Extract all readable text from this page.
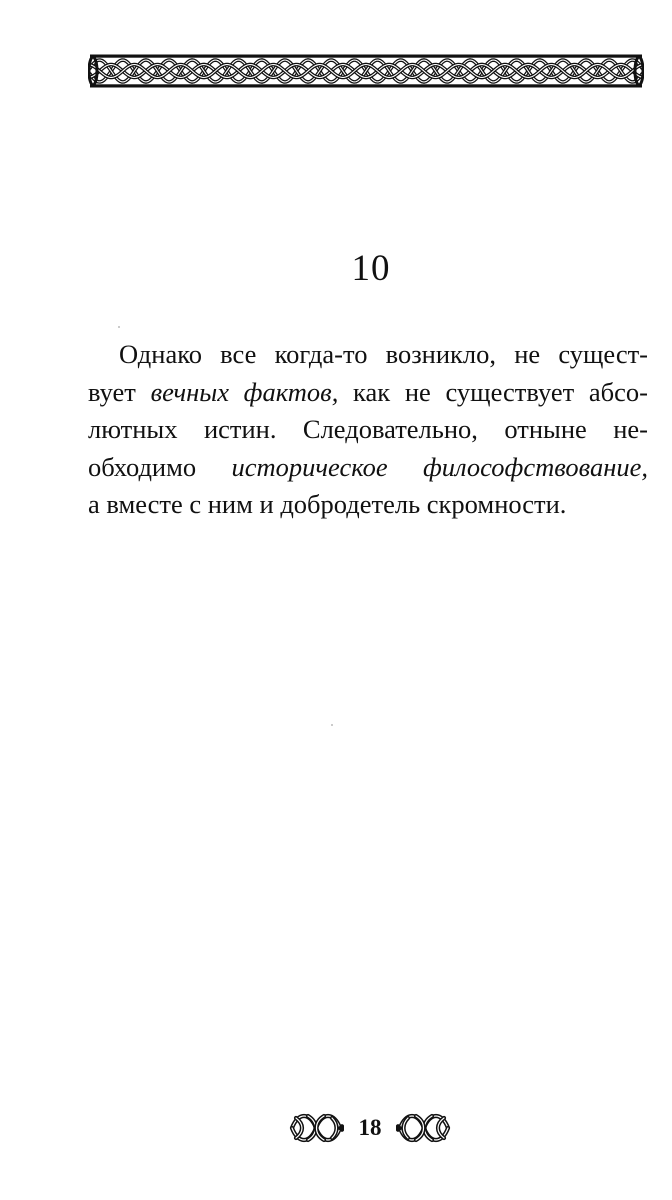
10
Однако все когда-то возникло, не сущест-
вует вечных фактов, как не существует абсо-
лютных истин. Следовательно, отныне не-
обходимо историческое философствование,
а вместе с ним и добродетель скромности.
18
